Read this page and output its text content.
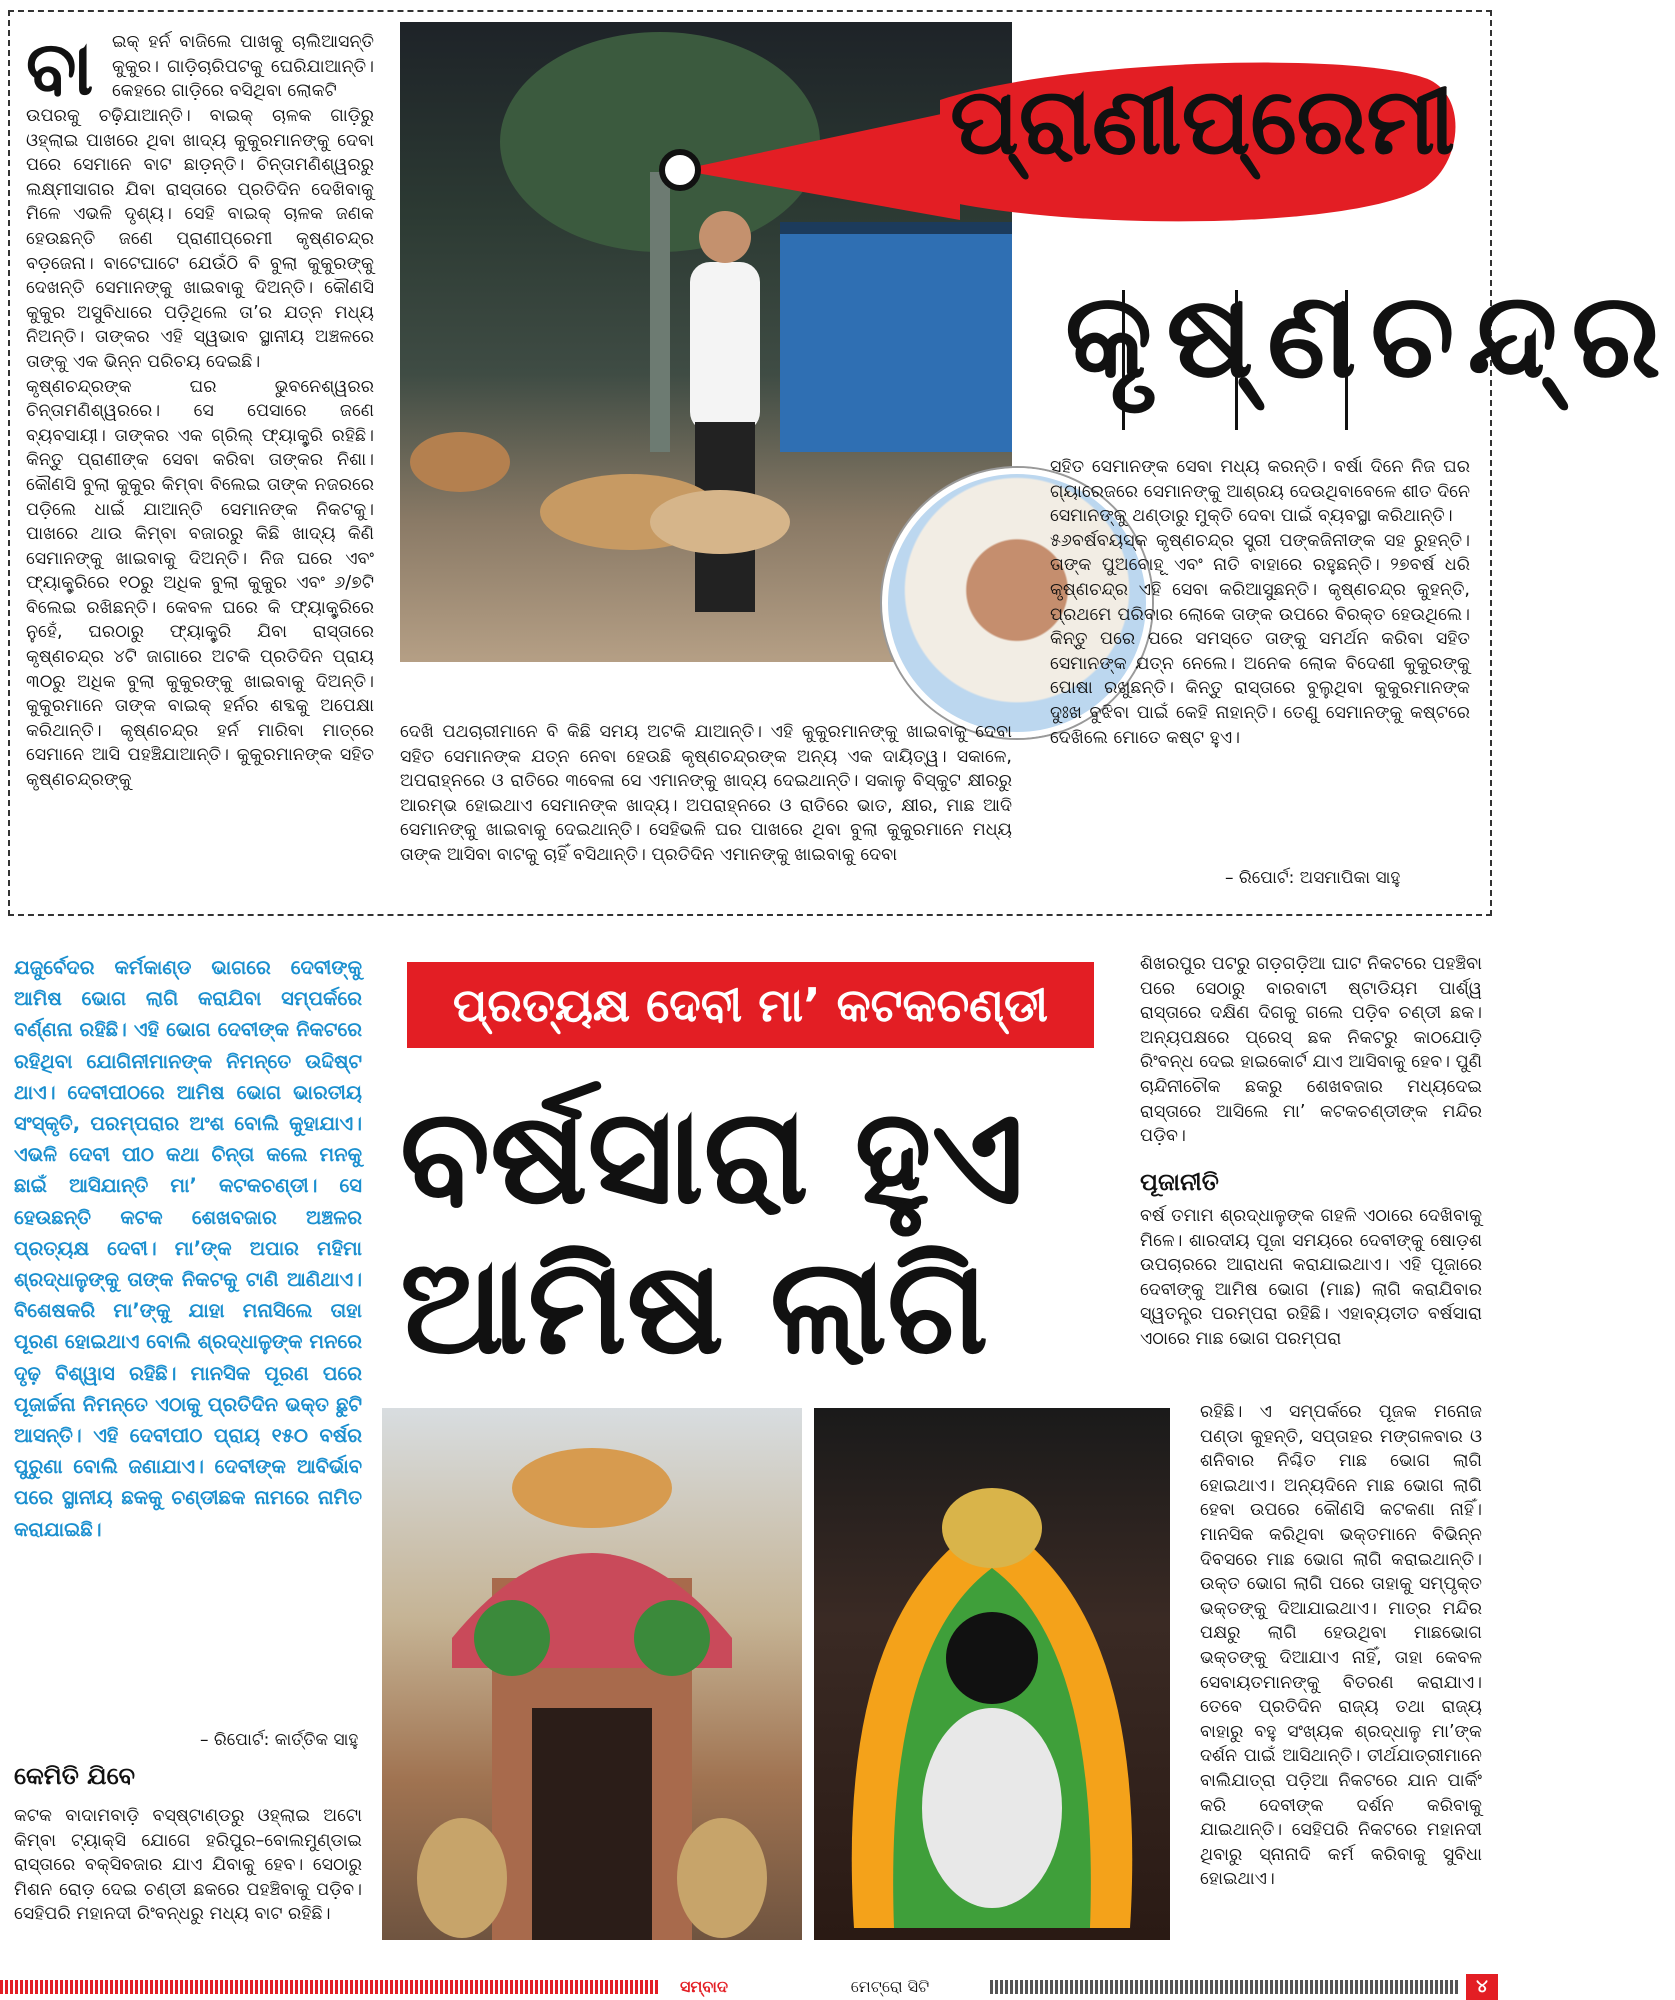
ବା ଇକ୍ ହର୍ନ ବାଜିଲେ ପାଖକୁ ଚାଲିଆସନ୍ତି କୁକୁର। ଗାଡ଼ିଚାରିପଟକୁ ଘେରିଯାଆନ୍ତି। କେହରେ ଗାଡ଼ିରେ ବସିଥିବା ଲୋକଟି
ଉପରକୁ ଚଢ଼ିଯାଆନ୍ତି। ବାଇକ୍ ଚାଳକ ଗାଡ଼ିରୁ ଓହ୍ଲାଇ ପାଖରେ ଥିବା ଖାଦ୍ୟ କୁକୁରମାନଙ୍କୁ ଦେବା ପରେ ସେମାନେ ବାଟ ଛାଡ଼ନ୍ତି। ଚିନ୍ତାମଣିଶ୍ୱରରୁ ଲକ୍ଷ୍ମୀସାଗର ଯିବା ରାସ୍ତାରେ ପ୍ରତିଦିନ ଦେଖିବାକୁ ମିଳେ ଏଭଳି ଦୃଶ୍ୟ। ସେହି ବାଇକ୍ ଚାଳକ ଜଣକ ହେଉଛନ୍ତି ଜଣେ ପ୍ରାଣୀପ୍ରେମୀ କୃଷ୍ଣଚନ୍ଦ୍ର ବଡ଼ଜେନା। ବାଟେଘାଟେ ଯେଉଁଠି ବି ବୁଲା କୁକୁରଙ୍କୁ ଦେଖନ୍ତି ସେମାନଙ୍କୁ ଖାଇବାକୁ ଦିଅନ୍ତି। କୌଣସି କୁକୁର ଅସୁବିଧାରେ ପଡ଼ିଥିଲେ ତା’ର ଯତ୍ନ ମଧ୍ୟ ନିଅନ୍ତି। ତାଙ୍କର ଏହି ସ୍ୱଭାବ ସ୍ଥାନୀୟ ଅଞ୍ଚଳରେ ତାଙ୍କୁ ଏକ ଭିନ୍ନ ପରିଚୟ ଦେଇଛି।
କୃଷ୍ଣଚନ୍ଦ୍ରଙ୍କ ଘର ଭୁବନେଶ୍ୱରର ଚିନ୍ତାମଣିଶ୍ୱରରେ। ସେ ପେସାରେ ଜଣେ ବ୍ୟବସାୟୀ। ତାଙ୍କର ଏକ ଗ୍ରିଲ୍ ଫ୍ୟାକ୍ଟ୍ରି ରହିଛି। କିନ୍ତୁ ପ୍ରାଣୀଙ୍କ ସେବା କରିବା ତାଙ୍କର ନିଶା। କୌଣସି ବୁଲା କୁକୁର କିମ୍ବା ବିଲେଇ ତାଙ୍କ ନଜରରେ ପଡ଼ିଲେ ଧାଇଁ ଯାଆନ୍ତି ସେମାନଙ୍କ ନିକଟକୁ। ପାଖରେ ଥାଉ କିମ୍ବା ବଜାରରୁ କିଛି ଖାଦ୍ୟ କିଣି ସେମାନଙ୍କୁ ଖାଇବାକୁ ଦିଅନ୍ତି। ନିଜ ଘରେ ଏବଂ ଫ୍ୟାକ୍ଟ୍ରିରେ ୧୦ରୁ ଅଧିକ ବୁଲା କୁକୁର ଏବଂ ୬/୭ଟି ବିଲେଇ ରଖିଛନ୍ତି। କେବଳ ଘରେ କି ଫ୍ୟାକ୍ଟ୍ରିରେ ନୁହେଁ, ଘରଠାରୁ ଫ୍ୟାକ୍ଟ୍ରି ଯିବା ରାସ୍ତାରେ କୃଷ୍ଣଚନ୍ଦ୍ର ୪ଟି ଜାଗାରେ ଅଟକି ପ୍ରତିଦିନ ପ୍ରାୟ ୩୦ରୁ ଅଧିକ ବୁଲା କୁକୁରଙ୍କୁ ଖାଇବାକୁ ଦିଅନ୍ତି। କୁକୁରମାନେ ତାଙ୍କ ବାଇକ୍ ହର୍ନର ଶବ୍ଦକୁ ଅପେକ୍ଷା କରିଥାନ୍ତି। କୃଷ୍ଣଚନ୍ଦ୍ର ହର୍ନ ମାରିବା ମାତ୍ରେ ସେମାନେ ଆସି ପହଞ୍ଚିଯାଆନ୍ତି। କୁକୁରମାନଙ୍କ ସହିତ କୃଷ୍ଣଚନ୍ଦ୍ରଙ୍କୁ
ପ୍ରାଣୀପ୍ରେମୀ
କୃଷ୍ଣଚନ୍ଦ୍ର
ଦେଖି ପଥଚାରୀମାନେ ବି କିଛି ସମୟ ଅଟକି ଯାଆନ୍ତି। ଏହି କୁକୁରମାନଙ୍କୁ ଖାଇବାକୁ ଦେବା ସହିତ ସେମାନଙ୍କ ଯତ୍ନ ନେବା ହେଉଛି କୃଷ୍ଣଚନ୍ଦ୍ରଙ୍କ ଅନ୍ୟ ଏକ ଦାୟିତ୍ୱ। ସକାଳେ, ଅପରାହ୍ନରେ ଓ ରାତିରେ ୩ବେଳା ସେ ଏମାନଙ୍କୁ ଖାଦ୍ୟ ଦେଇଥାନ୍ତି। ସକାଳୁ ବିସ୍କୁଟ କ୍ଷୀରରୁ ଆରମ୍ଭ ହୋଇଥାଏ ସେମାନଙ୍କ ଖାଦ୍ୟ। ଅପରାହ୍ନରେ ଓ ରାତିରେ ଭାତ, କ୍ଷୀର, ମାଛ ଆଦି ସେମାନଙ୍କୁ ଖାଇବାକୁ ଦେଇଥାନ୍ତି। ସେହିଭଳି ଘର ପାଖରେ ଥିବା ବୁଲା କୁକୁରମାନେ ମଧ୍ୟ ତାଙ୍କ ଆସିବା ବାଟକୁ ଚାହିଁ ବସିଥାନ୍ତି। ପ୍ରତିଦିନ ଏମାନଙ୍କୁ ଖାଇବାକୁ ଦେବା
ସହିତ ସେମାନଙ୍କ ସେବା ମଧ୍ୟ କରନ୍ତି। ବର୍ଷା ଦିନେ ନିଜ ଘର ଗ୍ୟାରେଜରେ ସେମାନଙ୍କୁ ଆଶ୍ରୟ ଦେଉଥିବାବେଳେ ଶୀତ ଦିନେ ସେମାନଙ୍କୁ ଥଣ୍ଡାରୁ ମୁକ୍ତି ଦେବା ପାଇଁ ବ୍ୟବସ୍ଥା କରିଥାନ୍ତି।
୫୬ବର୍ଷବୟସ୍କ କୃଷ୍ଣଚନ୍ଦ୍ର ସ୍ତ୍ରୀ ପଙ୍କଜିନୀଙ୍କ ସହ ରୁହନ୍ତି। ତାଙ୍କ ପୁଅବୋହୂ ଏବଂ ନାତି ବାହାରେ ରହୁଛନ୍ତି। ୨୭ବର୍ଷ ଧରି କୃଷ୍ଣଚନ୍ଦ୍ର ଏହି ସେବା କରିଆସୁଛନ୍ତି। କୃଷ୍ଣଚନ୍ଦ୍ର କୁହନ୍ତି, ପ୍ରଥମେ ପରିବାର ଲୋକେ ତାଙ୍କ ଉପରେ ବିରକ୍ତ ହେଉଥିଲେ। କିନ୍ତୁ ପରେ ପରେ ସମସ୍ତେ ତାଙ୍କୁ ସମର୍ଥନ କରିବା ସହିତ ସେମାନଙ୍କ ଯତ୍ନ ନେଲେ। ଅନେକ ଲୋକ ବିଦେଶୀ କୁକୁରଙ୍କୁ ପୋଷା ରଖୁଛନ୍ତି। କିନ୍ତୁ ରାସ୍ତାରେ ବୁଲୁଥିବା କୁକୁରମାନଙ୍କ ଦୁଃଖ ବୁଝିବା ପାଇଁ କେହି ନାହାନ୍ତି। ତେଣୁ ସେମାନଙ୍କୁ କଷ୍ଟରେ ଦେଖିଲେ ମୋତେ କଷ୍ଟ ହୁଏ।
– ରିପୋର୍ଟ: ଅସମାପିକା ସାହୁ
ଯଜୁର୍ବେଦର କର୍ମକାଣ୍ଡ ଭାଗରେ ଦେବୀଙ୍କୁ ଆମିଷ ଭୋଗ ଲାଗି କରାଯିବା ସମ୍ପର୍କରେ ବର୍ଣ୍ଣନା ରହିଛି। ଏହି ଭୋଗ ଦେବୀଙ୍କ ନିକଟରେ ରହିଥିବା ଯୋଗିନୀମାନଙ୍କ ନିମନ୍ତେ ଉଦ୍ଦିଷ୍ଟ ଥାଏ। ଦେବୀପୀଠରେ ଆମିଷ ଭୋଗ ଭାରତୀୟ ସଂସ୍କୃତି, ପରମ୍ପରାର ଅଂଶ ବୋଲି କୁହାଯାଏ। ଏଭଳି ଦେବୀ ପୀଠ କଥା ଚିନ୍ତା କଲେ ମନକୁ ଛାଇଁ ଆସିଯାନ୍ତି ମା’ କଟକଚଣ୍ଡୀ। ସେ ହେଉଛନ୍ତି କଟକ ଶେଖବଜାର ଅଞ୍ଚଳର ପ୍ରତ୍ୟକ୍ଷ ଦେବୀ। ମା’ଙ୍କ ଅପାର ମହିମା ଶ୍ରଦ୍ଧାଳୁଙ୍କୁ ତାଙ୍କ ନିକଟକୁ ଟାଣି ଆଣିଥାଏ। ବିଶେଷକରି ମା’ଙ୍କୁ ଯାହା ମନାସିଲେ ତାହା ପୂରଣ ହୋଇଥାଏ ବୋଲି ଶ୍ରଦ୍ଧାଳୁଙ୍କ ମନରେ ଦୃଢ଼ ବିଶ୍ୱାସ ରହିଛି। ମାନସିକ ପୂରଣ ପରେ ପୂଜାର୍ଚ୍ଚନା ନିମନ୍ତେ ଏଠାକୁ ପ୍ରତିଦିନ ଭକ୍ତ ଛୁଟି ଆସନ୍ତି। ଏହି ଦେବୀପୀଠ ପ୍ରାୟ ୧୫୦ ବର୍ଷର ପୁରୁଣା ବୋଲି ଜଣାଯାଏ। ଦେବୀଙ୍କ ଆବିର୍ଭାବ ପରେ ସ୍ଥାନୀୟ ଛକକୁ ଚଣ୍ଡୀଛକ ନାମରେ ନାମିତ କରାଯାଇଛି।
– ରିପୋର୍ଟ: କାର୍ତ୍ତିକ ସାହୁ
କେମିତି ଯିବେ
କଟକ ବାଦାମବାଡ଼ି ବସ୍‌ଷ୍ଟାଣ୍ଡରୁ ଓହ୍ଲାଇ ଅଟୋ କିମ୍ବା ଟ୍ୟାକ୍ସି ଯୋଗେ ହରିପୁର–ବୋଲମୁଣ୍ଡାଇ ରାସ୍ତାରେ ବକ୍ସିବଜାର ଯାଏ ଯିବାକୁ ହେବ। ସେଠାରୁ ମିଶନ ରୋଡ଼ ଦେଇ ଚଣ୍ଡୀ ଛକରେ ପହଞ୍ଚିବାକୁ ପଡ଼ିବ। ସେହିପରି ମହାନଦୀ ରିଂବନ୍ଧରୁ ମଧ୍ୟ ବାଟ ରହିଛି।
ପ୍ରତ୍ୟକ୍ଷ ଦେବୀ ମା’ କଟକଚଣ୍ଡୀ
ବର୍ଷସାରା ହୁଏ
ଆମିଷ ଲାଗି
ଶିଖରପୁର ପଟରୁ ଗଡ଼ଗଡ଼ିଆ ଘାଟ ନିକଟରେ ପହଞ୍ଚିବା ପରେ ସେଠାରୁ ବାରବାଟୀ ଷ୍ଟାଡିୟମ ପାର୍ଶ୍ୱ ରାସ୍ତାରେ ଦକ୍ଷିଣ ଦିଗକୁ ଗଲେ ପଡ଼ିବ ଚଣ୍ଡୀ ଛକ। ଅନ୍ୟପକ୍ଷରେ ପ୍ରେସ୍ ଛକ ନିକଟରୁ କାଠଯୋଡ଼ି ରିଂବନ୍ଧ ଦେଇ ହାଇକୋର୍ଟ ଯାଏ ଆସିବାକୁ ହେବ। ପୁଣି ଚାନ୍ଦିନୀଚୌକ ଛକରୁ ଶେଖବଜାର ମଧ୍ୟଦେଇ ରାସ୍ତାରେ ଆସିଲେ ମା’ କଟକଚଣ୍ଡୀଙ୍କ ମନ୍ଦିର ପଡ଼ିବ।
ପୂଜାନୀତି
ବର୍ଷ ତମାମ ଶ୍ରଦ୍ଧାଳୁଙ୍କ ଗହଳି ଏଠାରେ ଦେଖିବାକୁ ମିଳେ। ଶାରଦୀୟ ପୂଜା ସମୟରେ ଦେବୀଙ୍କୁ ଷୋଡ଼ଶ ଉପଚାରରେ ଆରାଧନା କରାଯାଇଥାଏ। ଏହି ପୂଜାରେ ଦେବୀଙ୍କୁ ଆମିଷ ଭୋଗ (ମାଛ) ଲାଗି କରାଯିବାର ସ୍ୱତନ୍ତ୍ର ପରମ୍ପରା ରହିଛି। ଏହାବ୍ୟତୀତ ବର୍ଷସାରା ଏଠାରେ ମାଛ ଭୋଗ ପରମ୍ପରା
ରହିଛି। ଏ ସମ୍ପର୍କରେ ପୂଜକ ମନୋଜ ପଣ୍ଡା କୁହନ୍ତି, ସପ୍ତାହର ମଙ୍ଗଳବାର ଓ ଶନିବାର ନିଶ୍ଚିତ ମାଛ ଭୋଗ ଲାଗି ହୋଇଥାଏ। ଅନ୍ୟଦିନେ ମାଛ ଭୋଗ ଲାଗି ହେବା ଉପରେ କୌଣସି କଟକଣା ନାହିଁ। ମାନସିକ କରିଥିବା ଭକ୍ତମାନେ ବିଭିନ୍ନ ଦିବସରେ ମାଛ ଭୋଗ ଲାଗି କରାଇଥାନ୍ତି। ଉକ୍ତ ଭୋଗ ଲାଗି ପରେ ତାହାକୁ ସମ୍ପୃକ୍ତ ଭକ୍ତଙ୍କୁ ଦିଆଯାଇଥାଏ। ମାତ୍ର ମନ୍ଦିର ପକ୍ଷରୁ ଲାଗି ହେଉଥିବା ମାଛଭୋଗ ଭକ୍ତଙ୍କୁ ଦିଆଯାଏ ନାହିଁ, ତାହା କେବଳ ସେବାୟତମାନଙ୍କୁ ବିତରଣ କରାଯାଏ। ତେବେ ପ୍ରତିଦିନ ରାଜ୍ୟ ତଥା ରାଜ୍ୟ ବାହାରୁ ବହୁ ସଂଖ୍ୟକ ଶ୍ରଦ୍ଧାଳୁ ମା’ଙ୍କ ଦର୍ଶନ ପାଇଁ ଆସିଥାନ୍ତି। ତୀର୍ଥଯାତ୍ରୀମାନେ ବାଲିଯାତ୍ରା ପଡ଼ିଆ ନିକଟରେ ଯାନ ପାର୍କିଂ କରି ଦେବୀଙ୍କ ଦର୍ଶନ କରିବାକୁ ଯାଇଥାନ୍ତି। ସେହିପରି ନିକଟରେ ମହାନଦୀ ଥିବାରୁ ସ୍ନାନାଦି କର୍ମ କରିବାକୁ ସୁବିଧା ହୋଇଥାଏ।
ସମ୍ବାଦ	ମେଟ୍ରୋ ସିଟି	୪
